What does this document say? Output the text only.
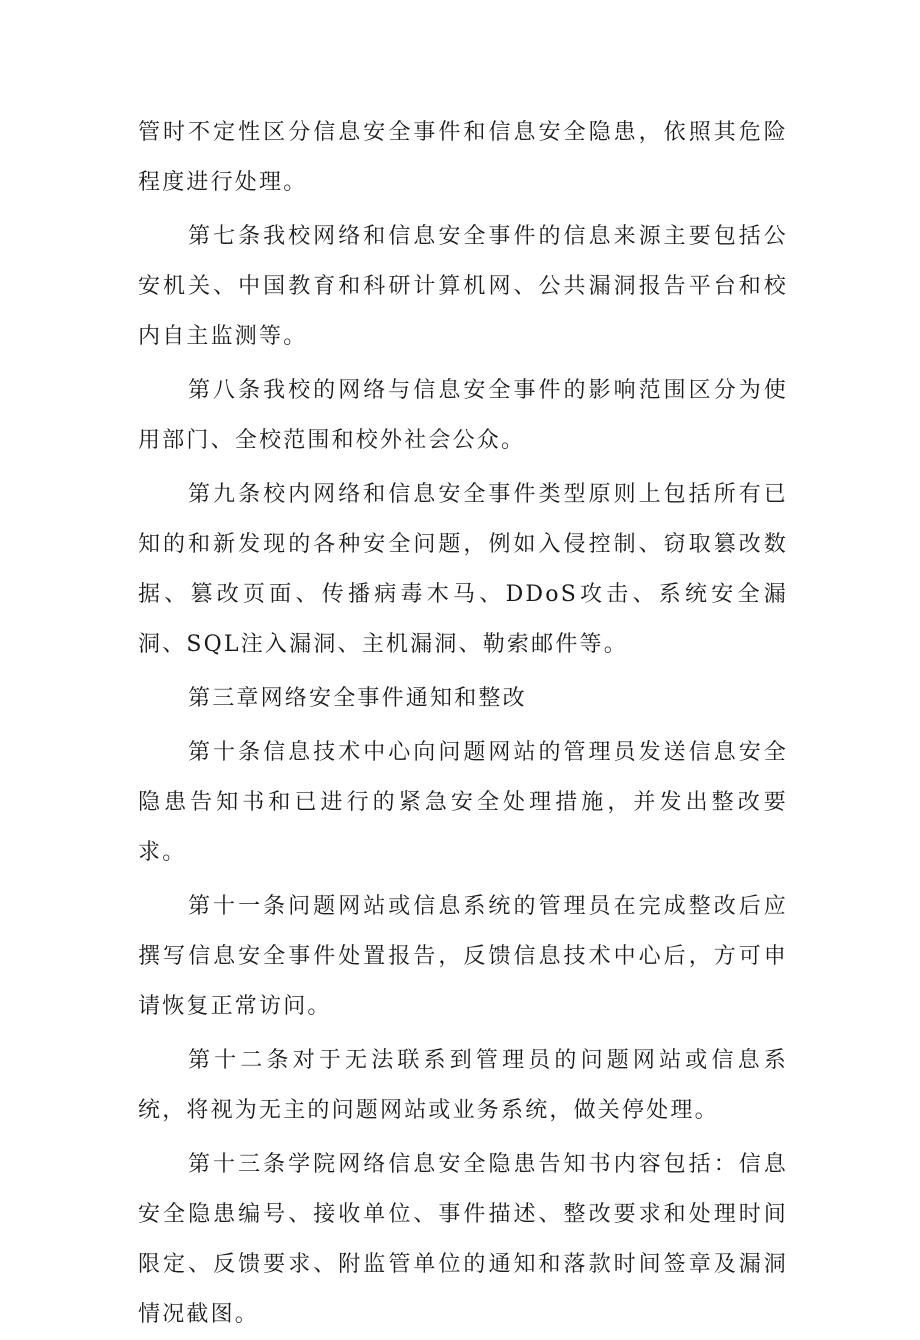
管时不定性区分信息安全事件和信息安全隐患，依照其危险程度进行处理。

第七条我校网络和信息安全事件的信息来源主要包括公安机关、中国教育和科研计算机网、公共漏洞报告平台和校内自主监测等。

第八条我校的网络与信息安全事件的影响范围区分为使用部门、全校范围和校外社会公众。

第九条校内网络和信息安全事件类型原则上包括所有已知的和新发现的各种安全问题，例如入侵控制、窃取篡改数据、篡改页面、传播病毒木马、DDoS攻击、系统安全漏洞、SQL注入漏洞、主机漏洞、勒索邮件等。

第三章网络安全事件通知和整改

第十条信息技术中心向问题网站的管理员发送信息安全隐患告知书和已进行的紧急安全处理措施，并发出整改要求。

第十一条问题网站或信息系统的管理员在完成整改后应撰写信息安全事件处置报告，反馈信息技术中心后，方可申请恢复正常访问。

第十二条对于无法联系到管理员的问题网站或信息系统，将视为无主的问题网站或业务系统，做关停处理。

第十三条学院网络信息安全隐患告知书内容包括：信息安全隐患编号、接收单位、事件描述、整改要求和处理时间限定、反馈要求、附监管单位的通知和落款时间签章及漏洞情况截图。
